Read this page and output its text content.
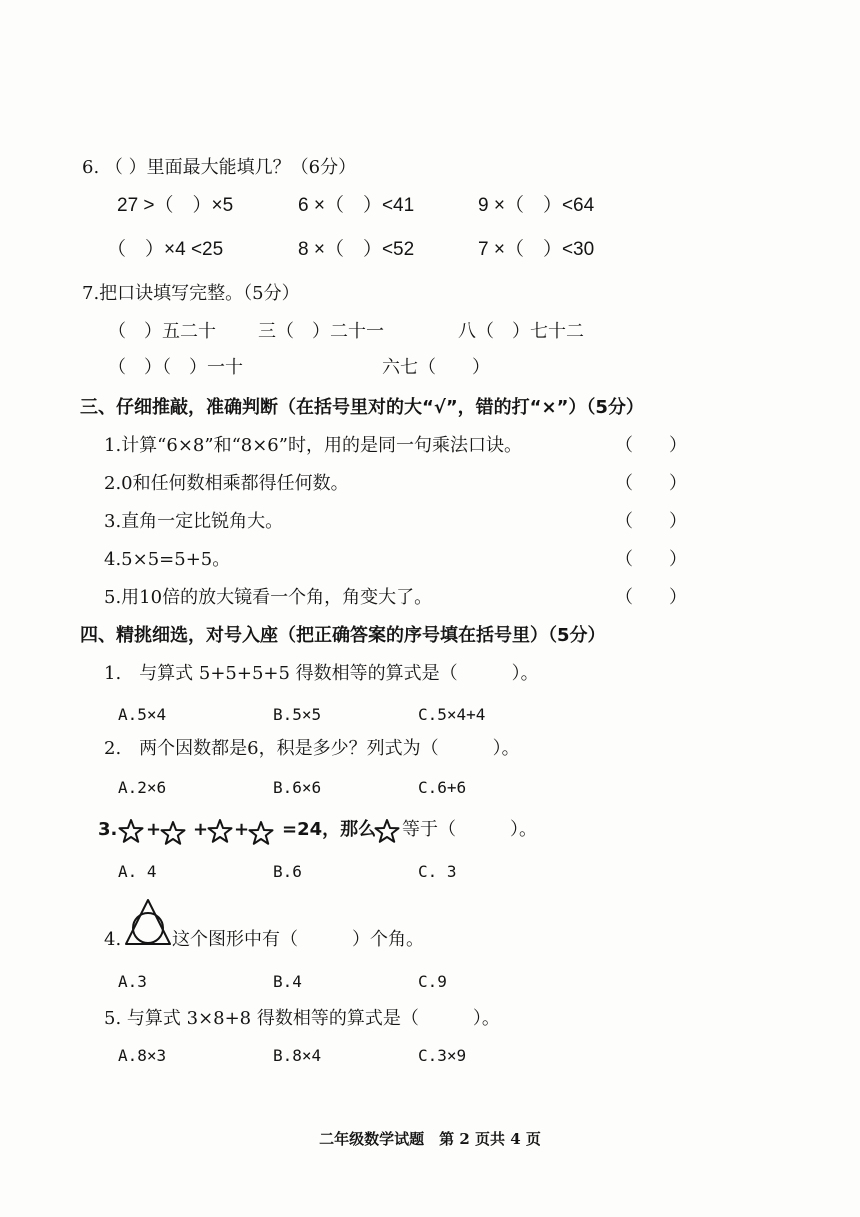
6. （ ）里面最大能填几？（6分）
27 >（　）×5	6 ×（　）<41	9 ×（　）<64
（　）×4 <25	8 ×（　）<52	7 ×（　）<30
7.把口诀填写完整。（5分）
（　）五二十 三（　）二十一	八（　）七十二
（　）（　）一十	六七（　　）
三、仔细推敲，准确判断（在括号里对的大“√”，错的打“×”）（5分）
1.计算“6×8”和“8×6”时，用的是同一句乘法口诀。	（　　）
2.0和任何数相乘都得任何数。	（　　）
3.直角一定比锐角大。	（　　）
4.5×5=5+5。	（　　）
5.用10倍的放大镜看一个角，角变大了。	（　　）
四、精挑细选，对号入座（把正确答案的序号填在括号里）（5分）
1.　与算式 5+5+5+5 得数相等的算式是（　　　）。
A.5×4	B.5×5	C.5×4+4
2.　两个因数都是6，积是多少？列式为（　　　）。
A.2×6	B.6×6	C.6+6
3. + + + =24，那么 等于（　　　）。
A. 4	B.6	C. 3
4.	这个图形中有（　　　）个角。
A.3	B.4	C.9
5. 与算式 3×8+8 得数相等的算式是（　　　）。
A.8×3	B.8×4	C.3×9
二年级数学试题　第 2 页共 4 页
